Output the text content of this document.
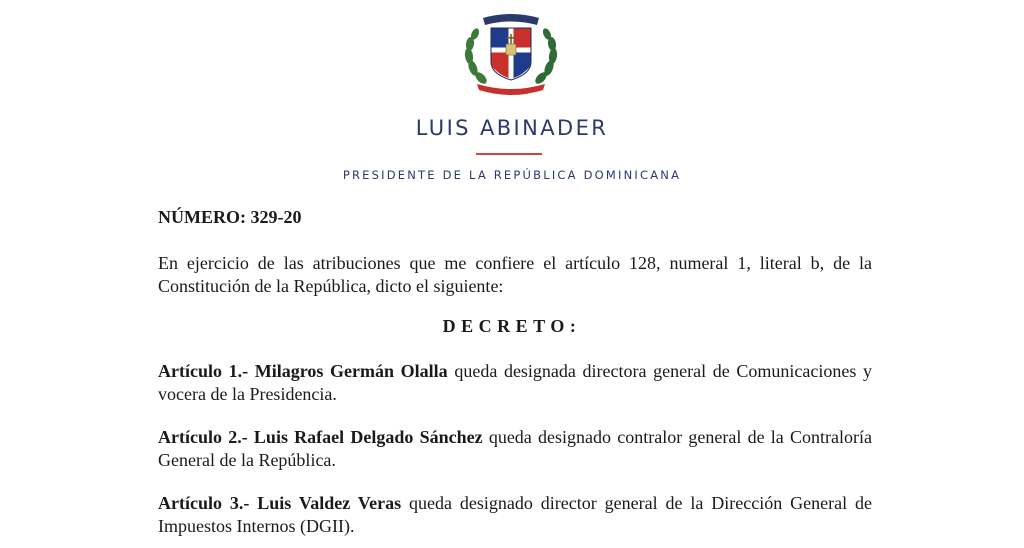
LUIS ABINADER
PRESIDENTE DE LA REPÚBLICA DOMINICANA
NÚMERO: 329-20
En ejercicio de las atribuciones que me confiere el artículo 128, numeral 1, literal b, de la Constitución de la República, dicto el siguiente:
DECRETO:
Artículo 1.- Milagros Germán Olalla queda designada directora general de Comunicaciones y vocera de la Presidencia.
Artículo 2.- Luis Rafael Delgado Sánchez queda designado contralor general de la Contraloría General de la República.
Artículo 3.- Luis Valdez Veras queda designado director general de la Dirección General de Impuestos Internos (DGII).
